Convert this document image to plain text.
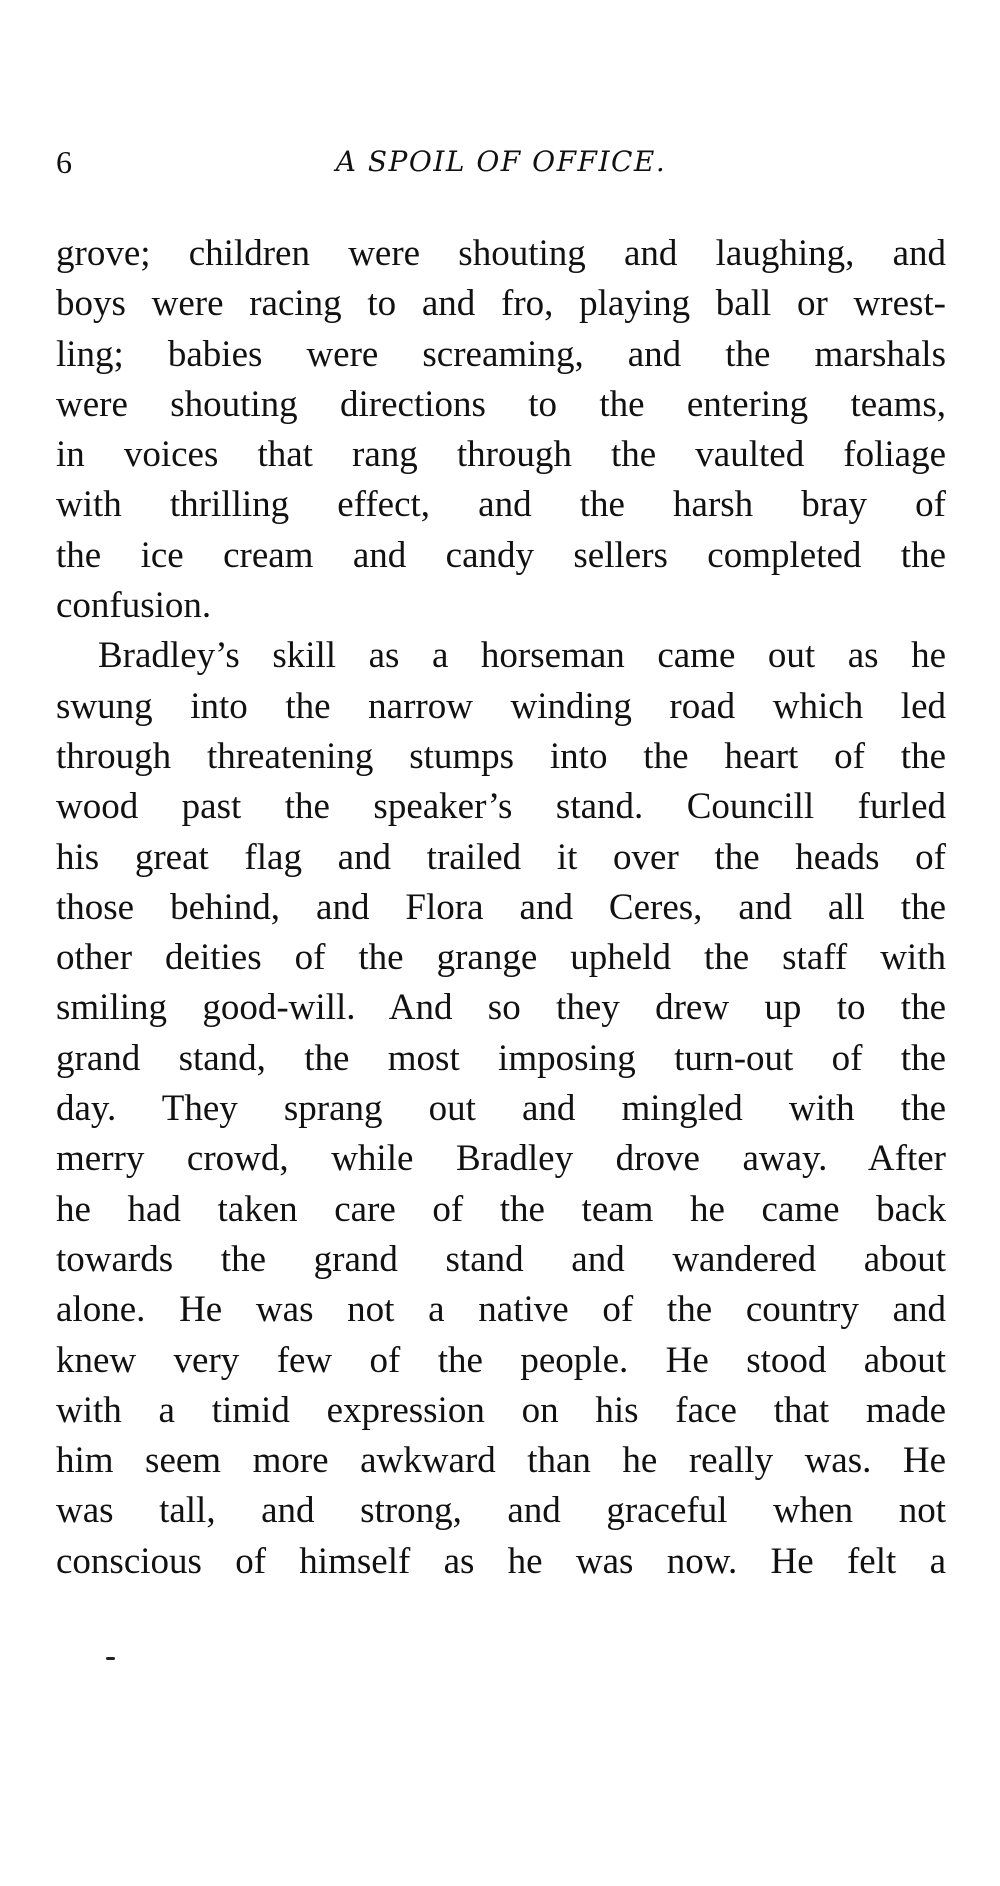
6	A SPOIL OF OFFICE.
grove; children were shouting and laughing, and
boys were racing to and fro, playing ball or wrest-
ling; babies were screaming, and the marshals
were shouting directions to the entering teams,
in voices that rang through the vaulted foliage
with thrilling effect, and the harsh bray of
the ice cream and candy sellers completed the
confusion.
Bradley’s skill as a horseman came out as he
swung into the narrow winding road which led
through threatening stumps into the heart of the
wood past the speaker’s stand. Councill furled
his great flag and trailed it over the heads of
those behind, and Flora and Ceres, and all the
other deities of the grange upheld the staff with
smiling good-will. And so they drew up to the
grand stand, the most imposing turn-out of the
day. They sprang out and mingled with the
merry crowd, while Bradley drove away. After
he had taken care of the team he came back
towards the grand stand and wandered about
alone. He was not a native of the country and
knew very few of the people. He stood about
with a timid expression on his face that made
him seem more awkward than he really was. He
was tall, and strong, and graceful when not
conscious of himself as he was now. He felt a
